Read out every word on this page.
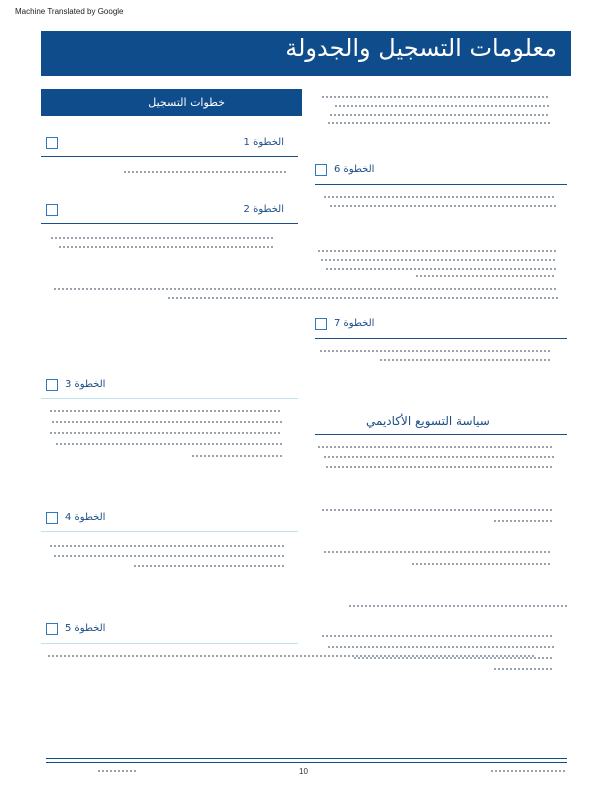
Machine Translated by Google
معلومات التسجيل والجدولة
خطوات التسجيل
الخطوة 1
الخطوة 2
الخطوة 6
الخطوة 7
الخطوة 3
سياسة التسويع الأكاديمي
الخطوة 4
الخطوة 5
10
